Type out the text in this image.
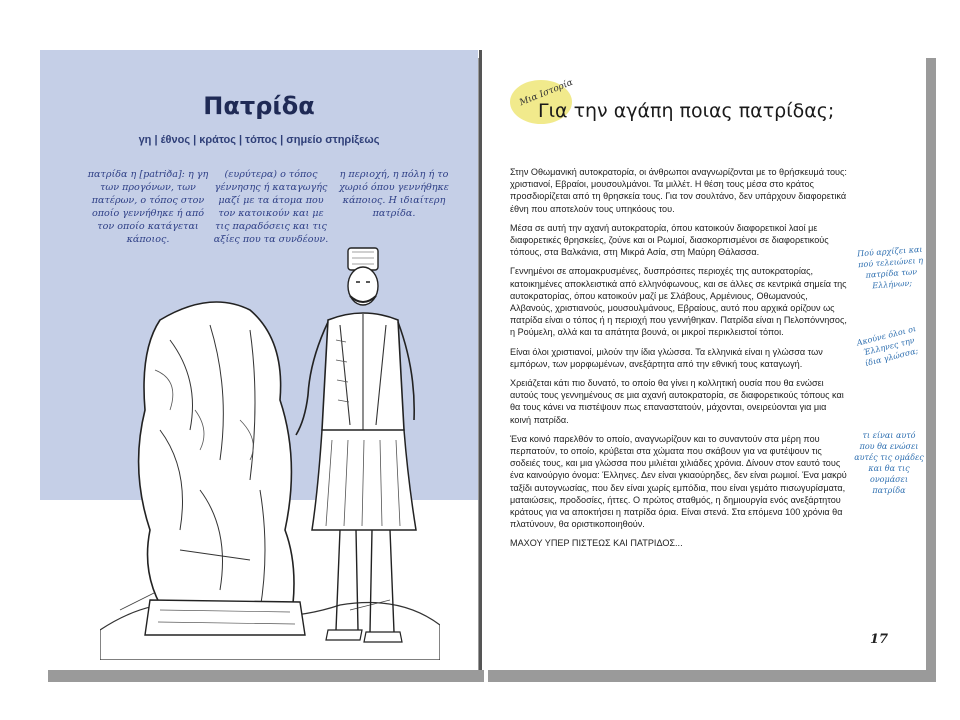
Πατρίδα
γη | έθνος | κράτος | τόπος | σημείο στηρίξεως
πατρίδα η [patriða]: η γη των προγόνων, των πατέρων, ο τόπος στον οποίο γεννήθηκε ή από τον οποίο κατάγεται κάποιος.
(ευρύτερα) ο τόπος γέννησης ή καταγωγής μαζί με τα άτομα που τον κατοικούν και με τις παραδόσεις και τις αξίες που τα συνδέουν.
η περιοχή, η πόλη ή το χωριό όπου γεννήθηκε κάποιος. Η ιδιαίτερη πατρίδα.
Μια Ιστορία
Για την αγάπη ποιας πατρίδας;

Στην Οθωμανική αυτοκρατορία, οι άνθρωποι αναγνωρίζονται με το θρήσκευμά τους: χριστιανοί, Εβραίοι, μουσουλμάνοι. Τα μιλλέτ. Η θέση τους μέσα στο κράτος προσδιορίζεται από τη θρησκεία τους. Για τον σουλτάνο, δεν υπάρχουν διαφορετικά έθνη που αποτελούν τους υπηκόους του.

Μέσα σε αυτή την αχανή αυτοκρατορία, όπου κατοικούν διαφορετικοί λαοί με διαφορετικές θρησκείες, ζούνε και οι Ρωμιοί, διασκορπισμένοι σε διαφορετικούς τόπους, στα Βαλκάνια, στη Μικρά Ασία, στη Μαύρη Θάλασσα.

Γεννημένοι σε απομακρυσμένες, δυσπρόσιτες περιοχές της αυτοκρατορίας, κατοικημένες αποκλειστικά από ελληνόφωνους, και σε άλλες σε κεντρικά σημεία της αυτοκρατορίας, όπου κατοικούν μαζί με Σλάβους, Αρμένιους, Οθωμανούς, Αλβανούς, χριστιανούς, μουσουλμάνους, Εβραίους, αυτό που αρχικά ορίζουν ως πατρίδα είναι ο τόπος ή η περιοχή που γεννήθηκαν. Πατρίδα είναι η Πελοπόννησος, η Ρούμελη, αλλά και τα απάτητα βουνά, οι μικροί περικλειστοί τόποι.

Είναι όλοι χριστιανοί, μιλούν την ίδια γλώσσα. Τα ελληνικά είναι η γλώσσα των εμπόρων, των μορφωμένων, ανεξάρτητα από την εθνική τους καταγωγή.

Χρειάζεται κάτι πιο δυνατό, το οποίο θα γίνει η κολλητική ουσία που θα ενώσει αυτούς τους γεννημένους σε μια αχανή αυτοκρατορία, σε διαφορετικούς τόπους και θα τους κάνει να πιστέψουν πως επαναστατούν, μάχονται, ονειρεύονται για μια κοινή πατρίδα.

Ένα κοινό παρελθόν το οποίο, αναγνωρίζουν και το συναντούν στα μέρη που περπατούν, το οποίο, κρύβεται στα χώματα που σκάβουν για να φυτέψουν τις σοδειές τους, και μια γλώσσα που μιλιέται χιλιάδες χρόνια. Δίνουν στον εαυτό τους ένα καινούργιο όνομα: Έλληνες. Δεν είναι γκιαούρηδες, δεν είναι ρωμιοί. Ένα μακρύ ταξίδι αυτογνωσίας, που δεν είναι χωρίς εμπόδια, που είναι γεμάτο πισωγυρίσματα, ματαιώσεις, προδοσίες, ήττες. Ο πρώτος σταθμός, η δημιουργία ενός ανεξάρτητου κράτους για να αποκτήσει η πατρίδα όρια. Είναι στενά. Στα επόμενα 100 χρόνια θα πλατύνουν, θα οριστικοποιηθούν.

ΜΑΧΟΥ ΥΠΕΡ ΠΙΣΤΕΩΣ ΚΑΙ ΠΑΤΡΙΔΟΣ...

Πού αρχίζει και πού τελειώνει η πατρίδα των Ελλήνων;
Ακούνε όλοι οι Έλληνες την ίδια γλώσσα;
τι είναι αυτό που θα ενώσει αυτές τις ομάδες και θα τις ονομάσει πατρίδα
17
